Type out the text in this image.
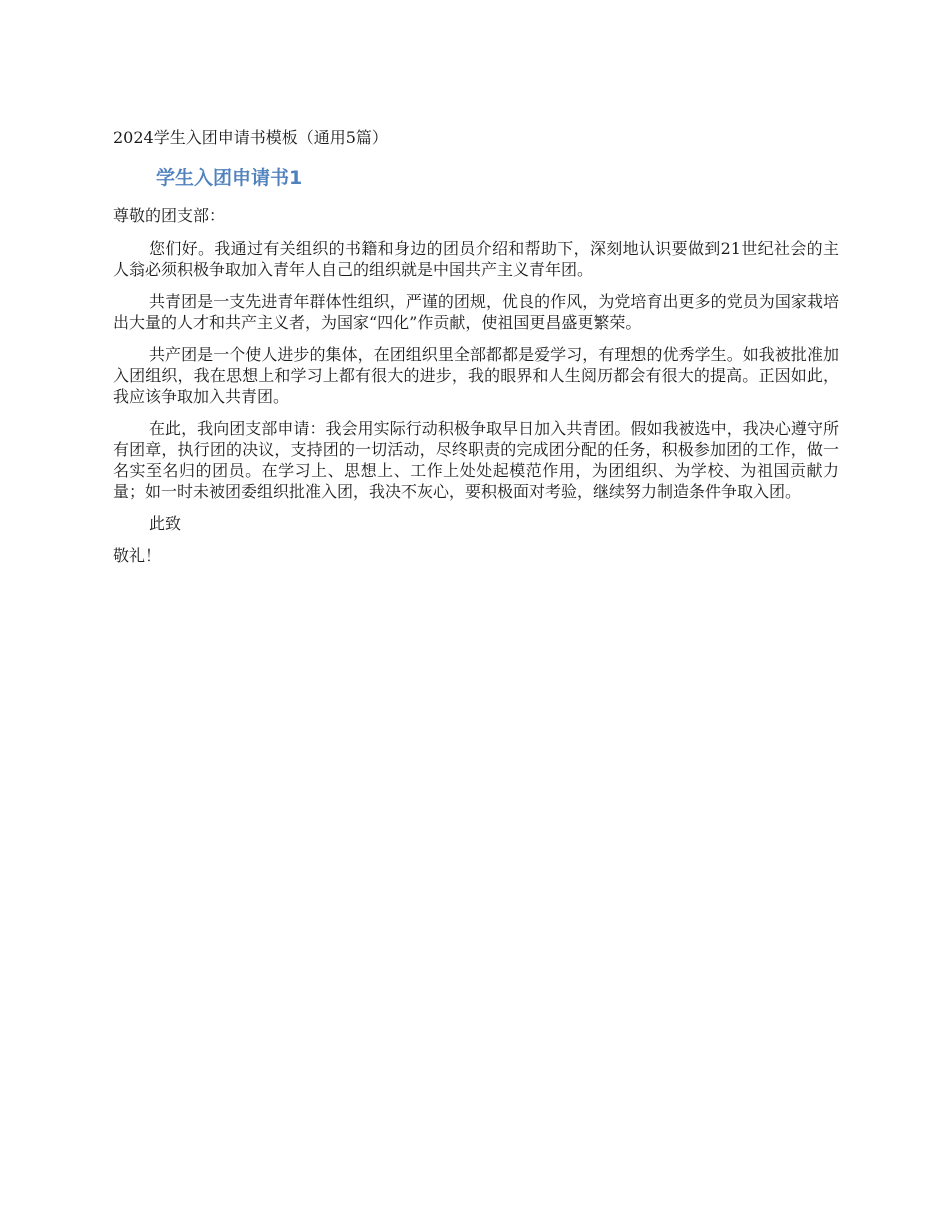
2024学生入团申请书模板（通用5篇）
学生入团申请书1

尊敬的团支部：

您们好。我通过有关组织的书籍和身边的团员介绍和帮助下，深刻地认识要做到21世纪社会的主人翁必须积极争取加入青年人自己的组织就是中国共产主义青年团。

共青团是一支先进青年群体性组织，严谨的团规，优良的作风，为党培育出更多的党员为国家栽培出大量的人才和共产主义者，为国家“四化”作贡献，使祖国更昌盛更繁荣。

共产团是一个使人进步的集体，在团组织里全部都都是爱学习，有理想的优秀学生。如我被批准加入团组织，我在思想上和学习上都有很大的进步，我的眼界和人生阅历都会有很大的提高。正因如此，我应该争取加入共青团。

在此，我向团支部申请：我会用实际行动积极争取早日加入共青团。假如我被选中，我决心遵守所有团章，执行团的决议，支持团的一切活动，尽终职责的完成团分配的任务，积极参加团的工作，做一名实至名归的团员。在学习上、思想上、工作上处处起模范作用，为团组织、为学校、为祖国贡献力量；如一时未被团委组织批准入团，我决不灰心，要积极面对考验，继续努力制造条件争取入团。

此致

敬礼！
